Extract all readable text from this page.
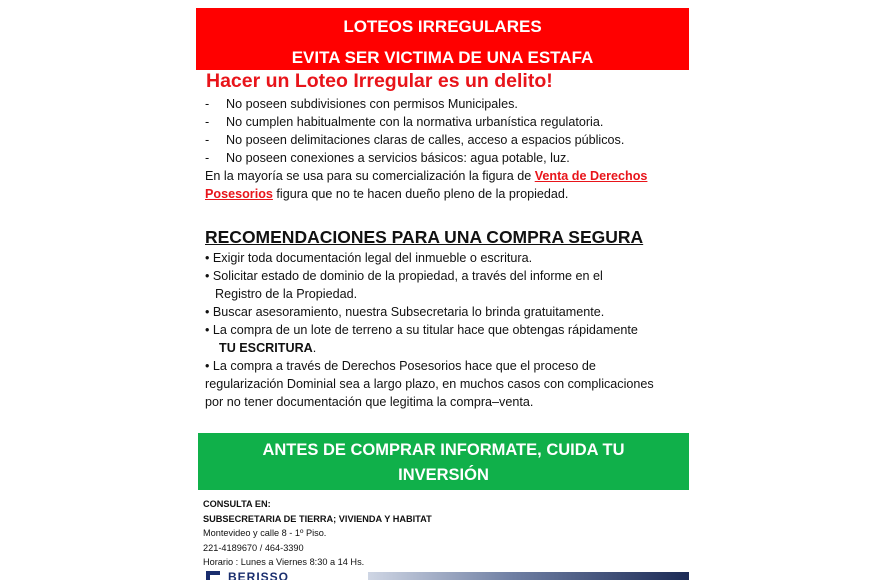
LOTEOS IRREGULARES
EVITA SER VICTIMA DE UNA ESTAFA
Hacer un Loteo Irregular es un delito!
- No poseen subdivisiones con permisos Municipales.
- No cumplen habitualmente con la normativa urbanística regulatoria.
- No poseen delimitaciones claras de calles, acceso a espacios públicos.
- No poseen conexiones a servicios básicos: agua potable, luz.
En la mayoría se usa para su comercialización la figura de Venta de Derechos
Posesorios figura que no te hacen dueño pleno de la propiedad.
RECOMENDACIONES PARA UNA COMPRA SEGURA
• Exigir toda documentación legal del inmueble o escritura.
• Solicitar estado de dominio de la propiedad, a través del informe en el
Registro de la Propiedad.
• Buscar asesoramiento, nuestra Subsecretaria lo brinda gratuitamente.
• La compra de un lote de terreno a su titular hace que obtengas rápidamente
TU ESCRITURA.
• La compra a través de Derechos Posesorios hace que el proceso de
regularización Dominial sea a largo plazo, en muchos casos con complicaciones
por no tener documentación que legitima la compra–venta.
ANTES DE COMPRAR INFORMATE, CUIDA TU
INVERSIÓN
CONSULTA EN:
SUBSECRETARIA DE TIERRA; VIVIENDA Y HABITAT
Montevideo y calle 8 - 1º Piso.
221-4189670 / 464-3390
Horario : Lunes a Viernes 8:30 a 14 Hs.
BERISSO
